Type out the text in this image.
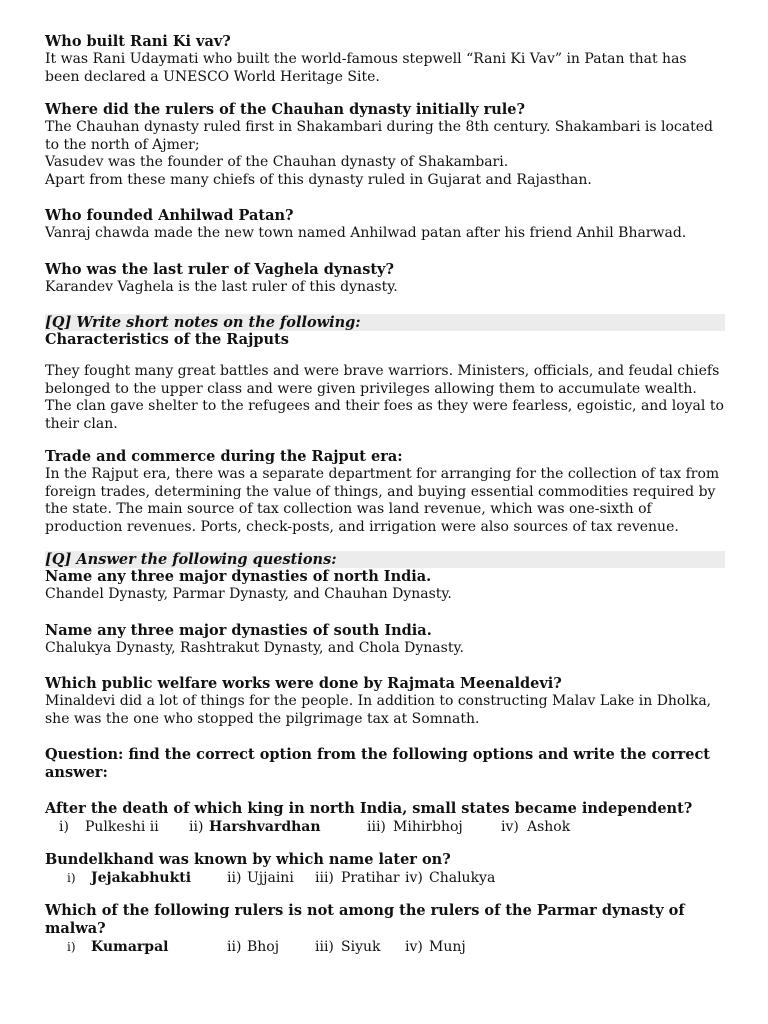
Who built Rani Ki vav?

It was Rani Udaymati who built the world-famous stepwell “Rani Ki Vav” in Patan that has been declared a UNESCO World Heritage Site.

Where did the rulers of the Chauhan dynasty initially rule?

The Chauhan dynasty ruled first in Shakambari during the 8th century. Shakambari is located to the north of Ajmer;

Vasudev was the founder of the Chauhan dynasty of Shakambari.

Apart from these many chiefs of this dynasty ruled in Gujarat and Rajasthan.

Who founded Anhilwad Patan?

Vanraj chawda made the new town named Anhilwad patan after his friend Anhil Bharwad.

Who was the last ruler of Vaghela dynasty?

Karandev Vaghela is the last ruler of this dynasty.

[Q] Write short notes on the following:

Characteristics of the Rajputs

They fought many great battles and were brave warriors. Ministers, officials, and feudal chiefs belonged to the upper class and were given privileges allowing them to accumulate wealth. The clan gave shelter to the refugees and their foes as they were fearless, egoistic, and loyal to their clan.

Trade and commerce during the Rajput era:

In the Rajput era, there was a separate department for arranging for the collection of tax from foreign trades, determining the value of things, and buying essential commodities required by the state. The main source of tax collection was land revenue, which was one-sixth of production revenues. Ports, check-posts, and irrigation were also sources of tax revenue.

[Q] Answer the following questions:

Name any three major dynasties of north India.

Chandel Dynasty, Parmar Dynasty, and Chauhan Dynasty.

Name any three major dynasties of south India.

Chalukya Dynasty, Rashtrakut Dynasty, and Chola Dynasty.

Which public welfare works were done by Rajmata Meenaldevi?

Minaldevi did a lot of things for the people. In addition to constructing Malav Lake in Dholka, she was the one who stopped the pilgrimage tax at Somnath.

Question: find the correct option from the following options and write the correct answer:

After the death of which king in north India, small states became independent?

i)	Pulkeshi ii	ii) Harshvardhan	iii) Mihirbhoj	iv) Ashok

Bundelkhand was known by which name later on?

i)	Jejakabhukti	ii) Ujjaini	iii) Pratihar iv) Chalukya

Which of the following rulers is not among the rulers of the Parmar dynasty of malwa?

i)	Kumarpal	ii) Bhoj	iii) Siyuk	iv) Munj
